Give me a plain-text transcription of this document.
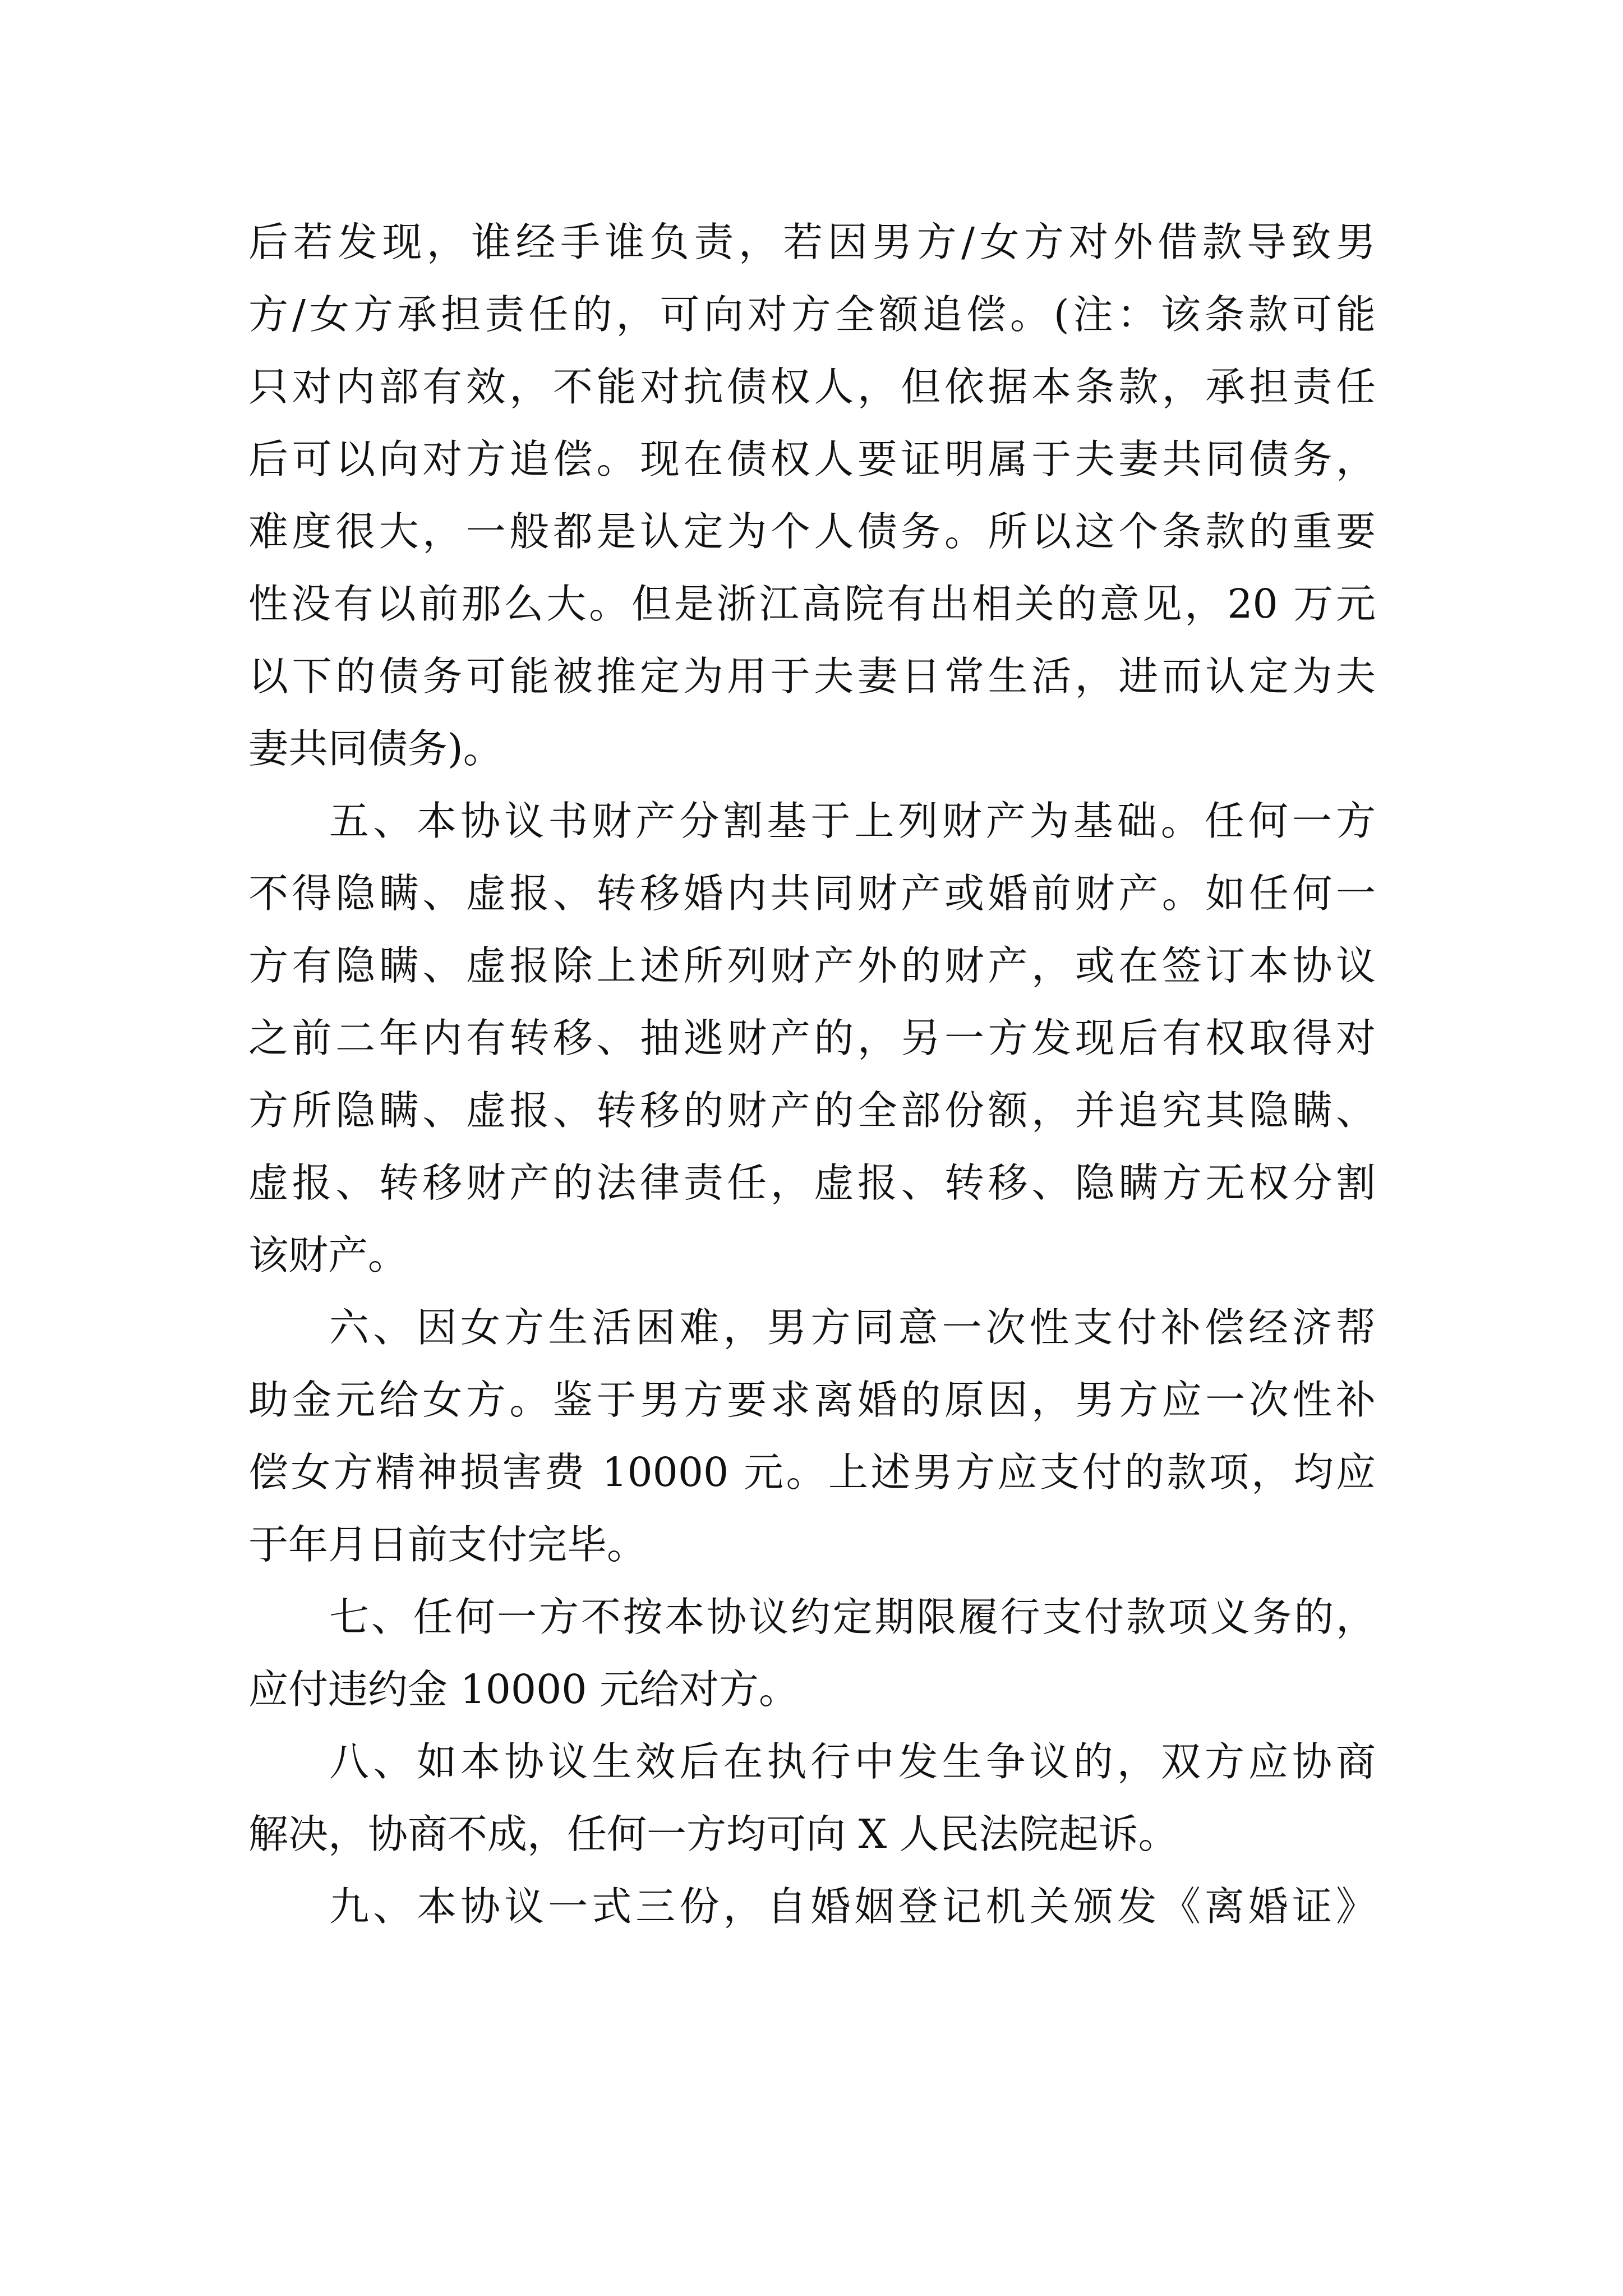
后若发现，谁经手谁负责，若因男方/女方对外借款导致男
方/女方承担责任的，可向对方全额追偿。(注：该条款可能
只对内部有效，不能对抗债权人，但依据本条款，承担责任
后可以向对方追偿。现在债权人要证明属于夫妻共同债务，
难度很大，一般都是认定为个人债务。所以这个条款的重要
性没有以前那么大。但是浙江高院有出相关的意见，20 万元
以下的债务可能被推定为用于夫妻日常生活，进而认定为夫
妻共同债务)。
五、本协议书财产分割基于上列财产为基础。任何一方
不得隐瞒、虚报、转移婚内共同财产或婚前财产。如任何一
方有隐瞒、虚报除上述所列财产外的财产，或在签订本协议
之前二年内有转移、抽逃财产的，另一方发现后有权取得对
方所隐瞒、虚报、转移的财产的全部份额，并追究其隐瞒、
虚报、转移财产的法律责任，虚报、转移、隐瞒方无权分割
该财产。
六、因女方生活困难，男方同意一次性支付补偿经济帮
助金元给女方。鉴于男方要求离婚的原因，男方应一次性补
偿女方精神损害费 10000 元。上述男方应支付的款项，均应
于年月日前支付完毕。
七、任何一方不按本协议约定期限履行支付款项义务的，
应付违约金 10000 元给对方。
八、如本协议生效后在执行中发生争议的，双方应协商
解决，协商不成，任何一方均可向 X 人民法院起诉。
九、本协议一式三份，自婚姻登记机关颁发《离婚证》
